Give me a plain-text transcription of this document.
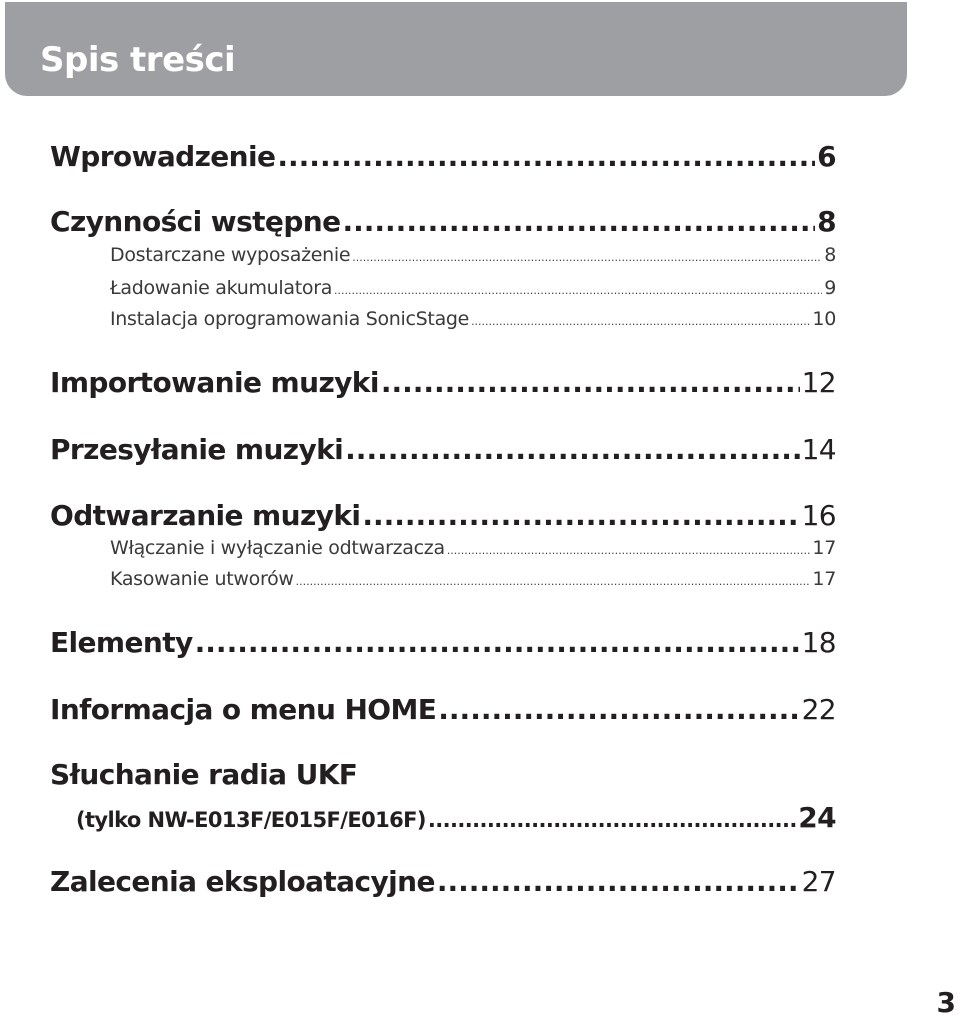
Spis treści
Wprowadzenie .....	6
Czynności wstępne .....	8
Dostarczane wyposażenie .....	8
Ładowanie akumulatora .....	9
Instalacja oprogramowania SonicStage .....	10
Importowanie muzyki .....	12
Przesyłanie muzyki .....	14
Odtwarzanie muzyki .....	16
Włączanie i wyłączanie odtwarzacza .....	17
Kasowanie utworów .....	17
Elementy .....	18
Informacja o menu HOME .....	22
Słuchanie radia UKF
(tylko NW-E013F/E015F/E016F) .....	24
Zalecenia eksploatacyjne .....	27
3
